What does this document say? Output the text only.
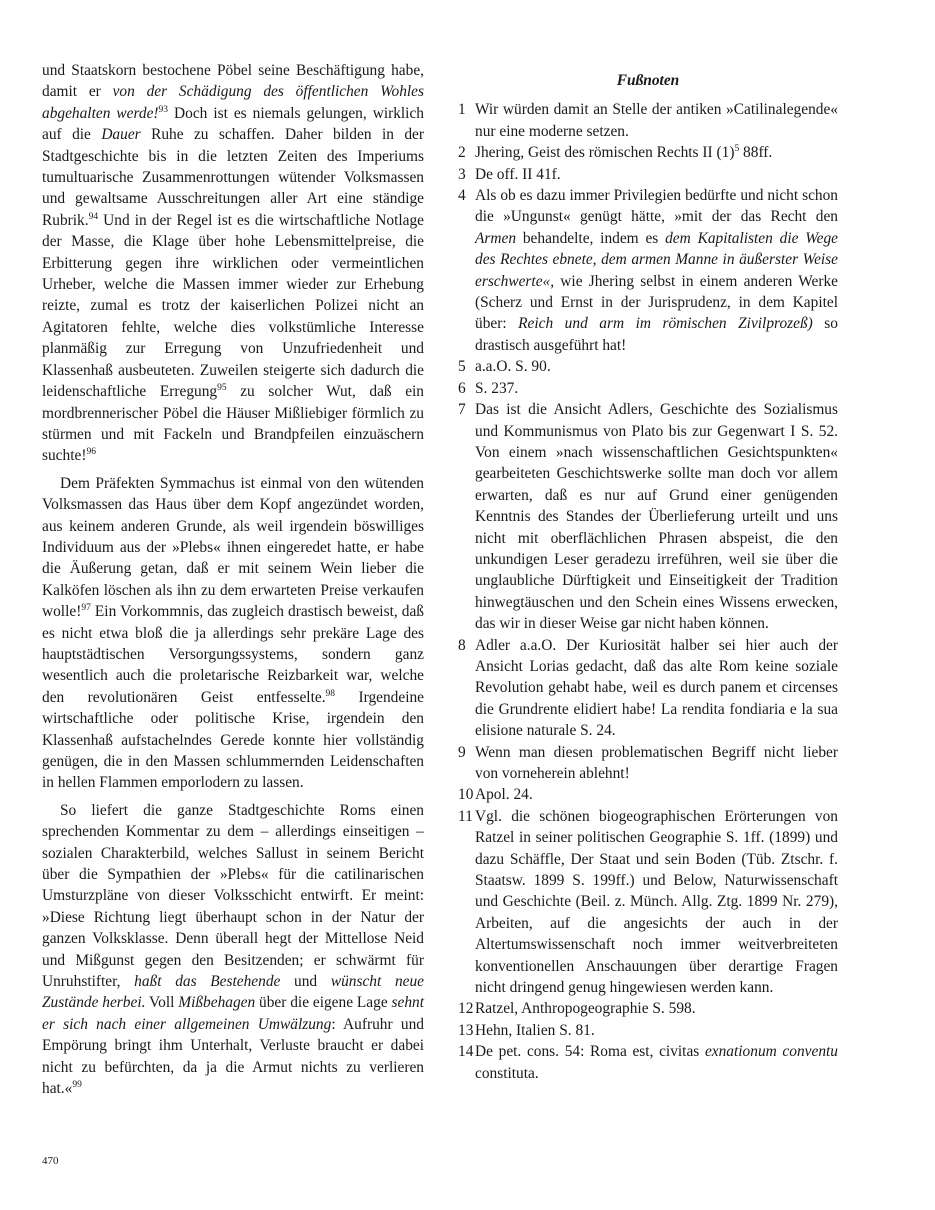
und Staatskorn bestochene Pöbel seine Beschäftigung habe, damit er von der Schädigung des öffentlichen Wohles abgehalten werde!$^{93}$ Doch ist es niemals gelungen, wirklich auf die Dauer Ruhe zu schaffen. Daher bilden in der Stadtgeschichte bis in die letzten Zeiten des Imperiums tumultuarische Zusammenrottungen wütender Volksmassen und gewaltsame Ausschreitungen aller Art eine ständige Rubrik.$^{94}$ Und in der Regel ist es die wirtschaftliche Notlage der Masse, die Klage über hohe Lebensmittelpreise, die Erbitterung gegen ihre wirklichen oder vermeintlichen Urheber, welche die Massen immer wieder zur Erhebung reizte, zumal es trotz der kaiserlichen Polizei nicht an Agitatoren fehlte, welche dies volkstümliche Interesse planmäßig zur Erregung von Unzufriedenheit und Klassenhaß ausbeuteten. Zuweilen steigerte sich dadurch die leidenschaftliche Erregung$^{95}$ zu solcher Wut, daß ein mordbrennerischer Pöbel die Häuser Mißliebiger förmlich zu stürmen und mit Fackeln und Brandpfeilen einzuäschern suchte!$^{96}$

Dem Präfekten Symmachus ist einmal von den wütenden Volksmassen das Haus über dem Kopf angezündet worden, aus keinem anderen Grunde, als weil irgendein böswilliges Individuum aus der »Plebs« ihnen eingeredet hatte, er habe die Äußerung getan, daß er mit seinem Wein lieber die Kalköfen löschen als ihn zu dem erwarteten Preise verkaufen wolle!$^{97}$ Ein Vorkommnis, das zugleich drastisch beweist, daß es nicht etwa bloß die ja allerdings sehr prekäre Lage des hauptstädtischen Versorgungssystems, sondern ganz wesentlich auch die proletarische Reizbarkeit war, welche den revolutionären Geist entfesselte.$^{98}$ Irgendeine wirtschaftliche oder politische Krise, irgendein den Klassenhaß aufstachelndes Gerede konnte hier vollständig genügen, die in den Massen schlummernden Leidenschaften in hellen Flammen emporlodern zu lassen.

So liefert die ganze Stadtgeschichte Roms einen sprechenden Kommentar zu dem – allerdings einseitigen – sozialen Charakterbild, welches Sallust in seinem Bericht über die Sympathien der »Plebs« für die catilinarischen Umsturzpläne von dieser Volksschicht entwirft. Er meint: »Diese Richtung liegt überhaupt schon in der Natur der ganzen Volksklasse. Denn überall hegt der Mittellose Neid und Mißgunst gegen den Besitzenden; er schwärmt für Unruhstifter, haßt das Bestehende und wünscht neue Zustände herbei. Voll Mißbehagen über die eigene Lage sehnt er sich nach einer allgemeinen Umwälzung: Aufruhr und Empörung bringt ihm Unterhalt, Verluste braucht er dabei nicht zu befürchten, da ja die Armut nichts zu verlieren hat.«$^{99}$

Fußnoten

1 Wir würden damit an Stelle der antiken »Catilinalegende« nur eine moderne setzen.

2 Jhering, Geist des römischen Rechts II $(1)^5$ 88ff.

3 De off. II 41f.

4 Als ob es dazu immer Privilegien bedürfte und nicht schon die »Ungunst« genügt hätte, »mit der das Recht den Armen behandelte, indem es dem Kapitalisten die Wege des Rechtes ebnete, dem armen Manne in äußerster Weise erschwerte«, wie Jhering selbst in einem anderen Werke (Scherz und Ernst in der Jurisprudenz, in dem Kapitel über: Reich und arm im römischen Zivilprozeß) so drastisch ausgeführt hat!

5 a.a.O. S. 90.

6 S. 237.

7 Das ist die Ansicht Adlers, Geschichte des Sozialismus und Kommunismus von Plato bis zur Gegenwart I S. 52. Von einem »nach wissenschaftlichen Gesichtspunkten« gearbeiteten Geschichtswerke sollte man doch vor allem erwarten, daß es nur auf Grund einer genügenden Kenntnis des Standes der Überlieferung urteilt und uns nicht mit oberflächlichen Phrasen abspeist, die den unkundigen Leser geradezu irreführen, weil sie über die unglaubliche Dürftigkeit und Einseitigkeit der Tradition hinwegtäuschen und den Schein eines Wissens erwecken, das wir in dieser Weise gar nicht haben können.

8 Adler a.a.O. Der Kuriosität halber sei hier auch der Ansicht Lorias gedacht, daß das alte Rom keine soziale Revolution gehabt habe, weil es durch panem et circenses die Grundrente elidiert habe! La rendita fondiaria e la sua elisione naturale S. 24.

9 Wenn man diesen problematischen Begriff nicht lieber von vorneherein ablehnt!

10 Apol. 24.

11 Vgl. die schönen biogeographischen Erörterungen von Ratzel in seiner politischen Geographie S. 1ff. (1899) und dazu Schäffle, Der Staat und sein Boden (Tüb. Ztschr. f. Staatsw. 1899 S. 199ff.) und Below, Naturwissenschaft und Geschichte (Beil. z. Münch. Allg. Ztg. 1899 Nr. 279), Arbeiten, auf die angesichts der auch in der Altertumswissenschaft noch immer weitverbreiteten konventionellen Anschauungen über derartige Fragen nicht dringend genug hingewiesen werden kann.

12 Ratzel, Anthropogeographie S. 598.

13 Hehn, Italien S. 81.

14 De pet. cons. 54: Roma est, civitas exnationum conventu constituta.

470
